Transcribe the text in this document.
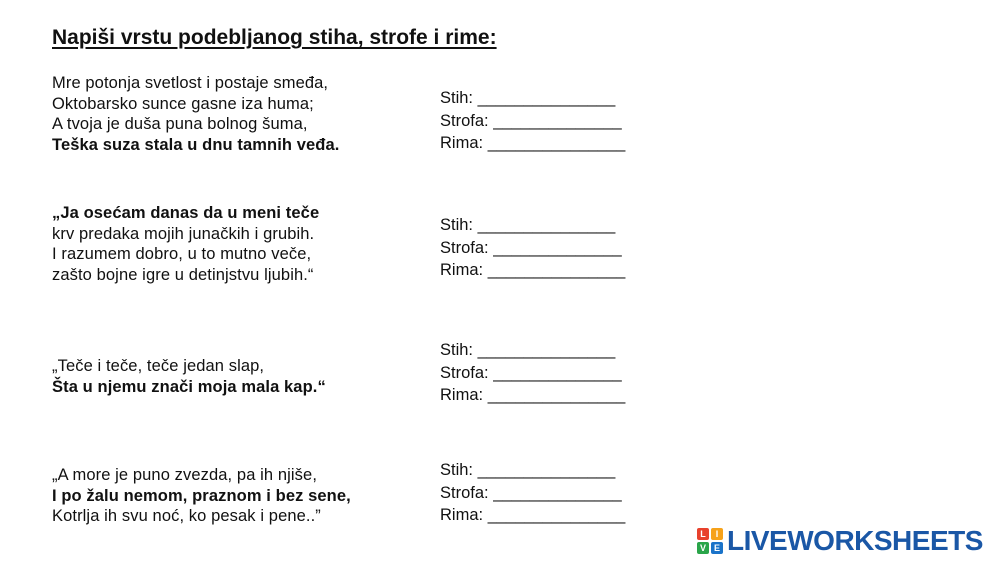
Napiši vrstu podebljanog stiha, strofe i rime:
Mre potonja svetlost i postaje smeđa,
Oktobarsko sunce gasne iza huma;
A tvoja je duša puna bolnog šuma,
Teška suza stala u dnu tamnih veđa.
Stih: _______________
Strofa: ______________
Rima: _______________
„Ja osećam danas da u meni teče
krv predaka mojih junačkih i grubih.
I razumem dobro, u to mutno veče,
zašto bojne igre u detinjstvu ljubih.“
Stih: _______________
Strofa: ______________
Rima: _______________
„Teče i teče, teče jedan slap,
Šta u njemu znači moja mala kap.“
Stih: _______________
Strofa: ______________
Rima: _______________
„A more je puno zvezda, pa ih njiše,
I po žalu nemom, praznom i bez sene,
Kotrlja ih svu noć, ko pesak i pene..”
Stih: _______________
Strofa: ______________
Rima: _______________
L	I
V E LIVEWORKSHEETS
